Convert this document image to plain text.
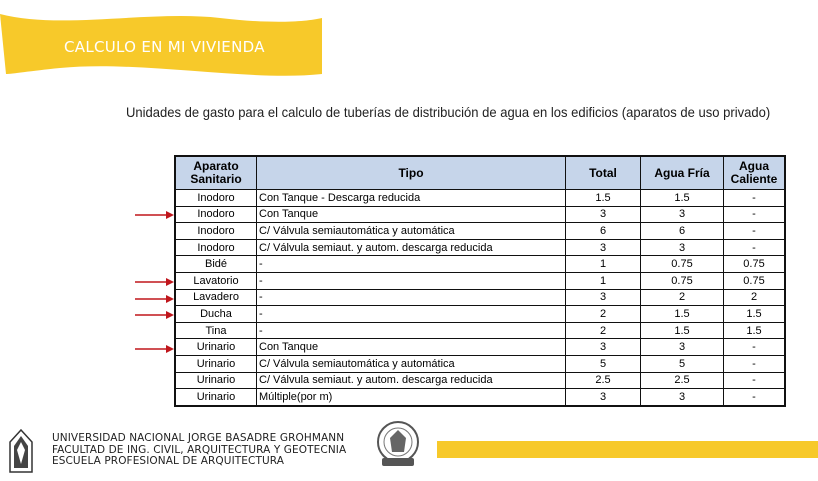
CALCULO EN MI VIVIENDA
Unidades de gasto para el calculo de tuberías de distribución de agua en los edificios (aparatos de uso privado)
Aparato Sanitario	Tipo	Total	Agua Fría	Agua Caliente
Inodoro	Con Tanque - Descarga reducida	1.5	1.5	-
Inodoro	Con Tanque	3	3	-
Inodoro	C/ Válvula semiautomática y automática	6	6	-
Inodoro	C/ Válvula semiaut. y autom. descarga reducida	3	3	-
Bidé	-	1	0.75	0.75
Lavatorio	-	1	0.75	0.75
Lavadero	-	3	2	2
Ducha	-	2	1.5	1.5
Tina	-	2	1.5	1.5
Urinario	Con Tanque	3	3	-
Urinario	C/ Válvula semiautomática y automática	5	5	-
Urinario	C/ Válvula semiaut. y autom. descarga reducida	2.5	2.5	-
Urinario	Múltiple(por m)	3	3	-
UNIVERSIDAD NACIONAL JORGE BASADRE GROHMANN
FACULTAD DE ING. CIVIL, ARQUITECTURA Y GEOTECNIA
ESCUELA PROFESIONAL DE ARQUITECTURA
